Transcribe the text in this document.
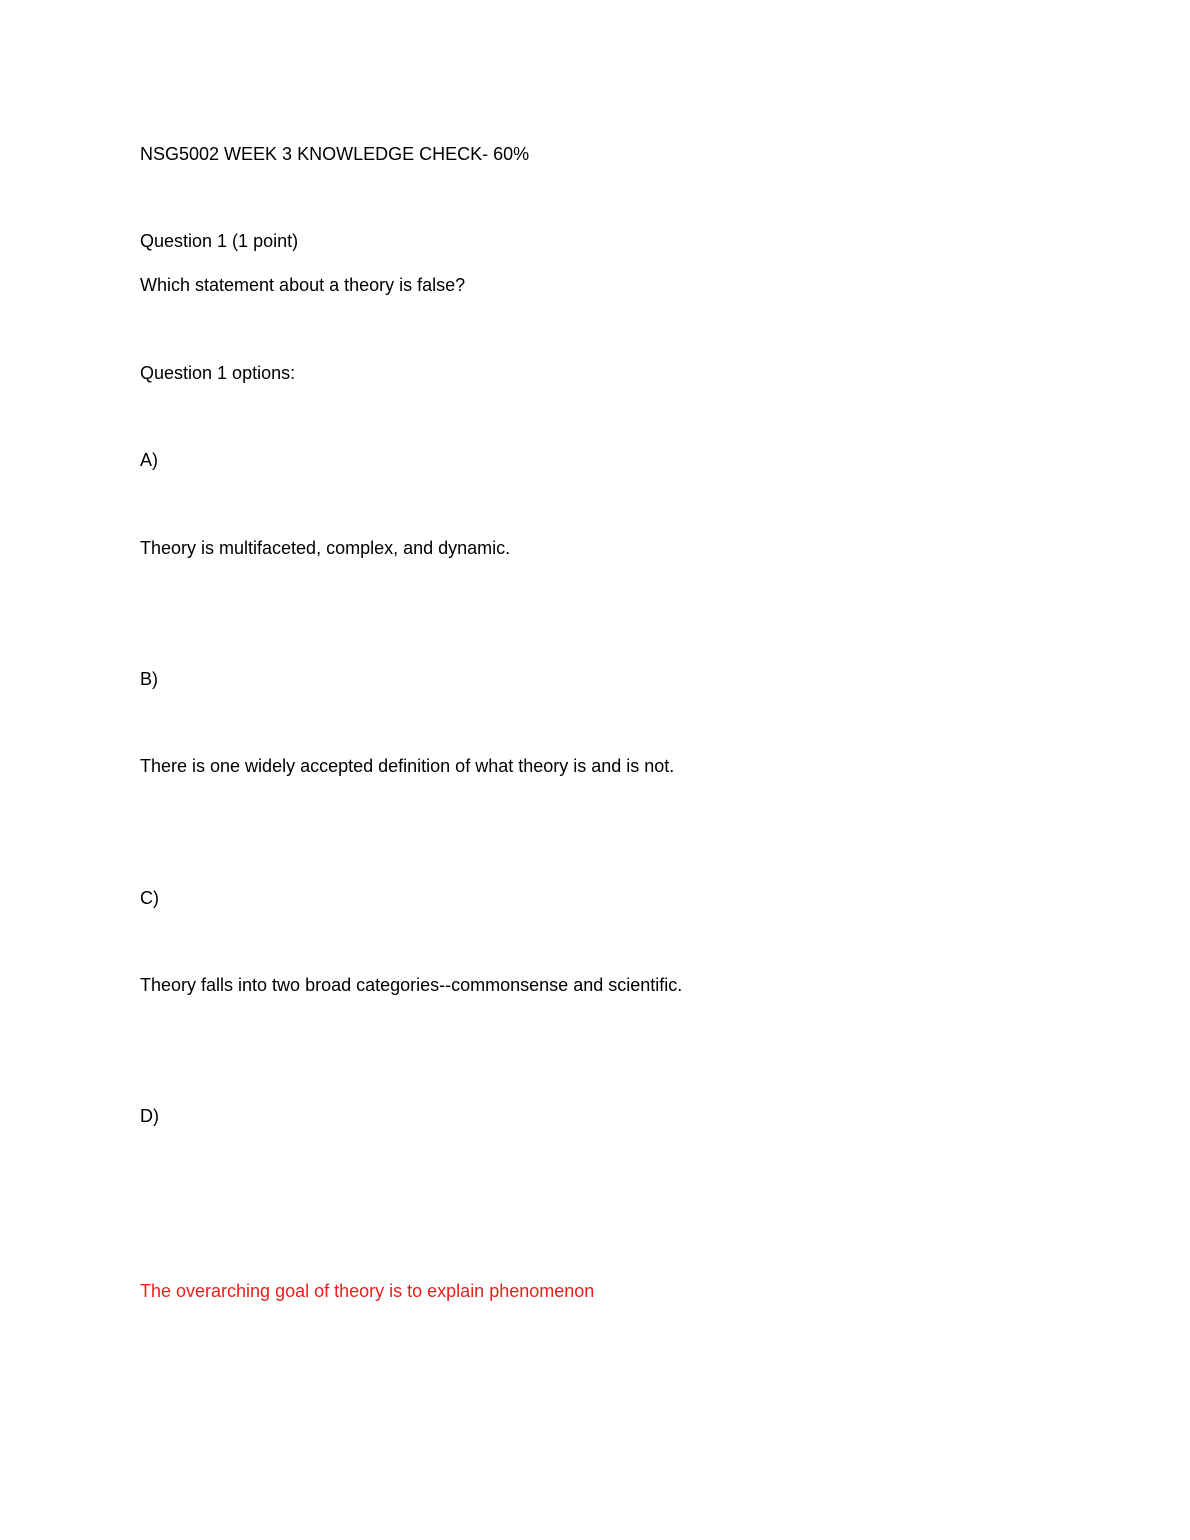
NSG5002 WEEK 3 KNOWLEDGE CHECK- 60%
Question 1 (1 point)
Which statement about a theory is false?
Question 1 options:
A)
Theory is multifaceted, complex, and dynamic.
B)
There is one widely accepted definition of what theory is and is not.
C)
Theory falls into two broad categories--commonsense and scientific.
D)
The overarching goal of theory is to explain phenomenon
